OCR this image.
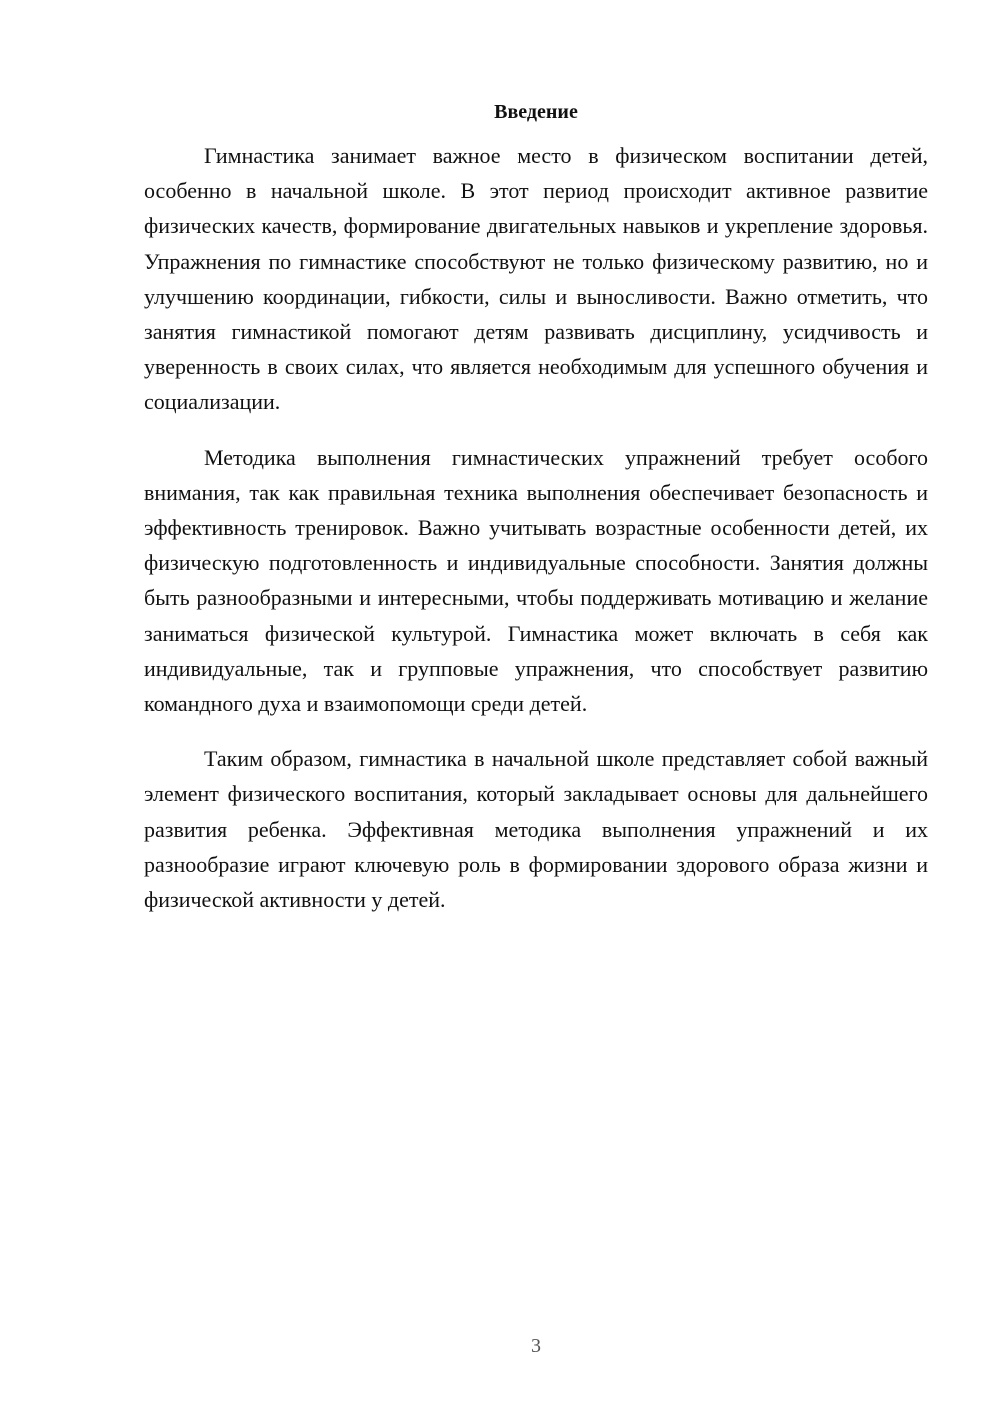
Введение

Гимнастика занимает важное место в физическом воспитании детей, особенно в начальной школе. В этот период происходит активное развитие физических качеств, формирование двигательных навыков и укрепление здоровья. Упражнения по гимнастике способствуют не только физическому развитию, но и улучшению координации, гибкости, силы и выносливости. Важно отметить, что занятия гимнастикой помогают детям развивать дисциплину, усидчивость и уверенность в своих силах, что является необходимым для успешного обучения и социализации.

Методика выполнения гимнастических упражнений требует особого внимания, так как правильная техника выполнения обеспечивает безопасность и эффективность тренировок. Важно учитывать возрастные особенности детей, их физическую подготовленность и индивидуальные способности. Занятия должны быть разнообразными и интересными, чтобы поддерживать мотивацию и желание заниматься физической культурой. Гимнастика может включать в себя как индивидуальные, так и групповые упражнения, что способствует развитию командного духа и взаимопомощи среди детей.

Таким образом, гимнастика в начальной школе представляет собой важный элемент физического воспитания, который закладывает основы для дальнейшего развития ребенка. Эффективная методика выполнения упражнений и их разнообразие играют ключевую роль в формировании здорового образа жизни и физической активности у детей.

3
